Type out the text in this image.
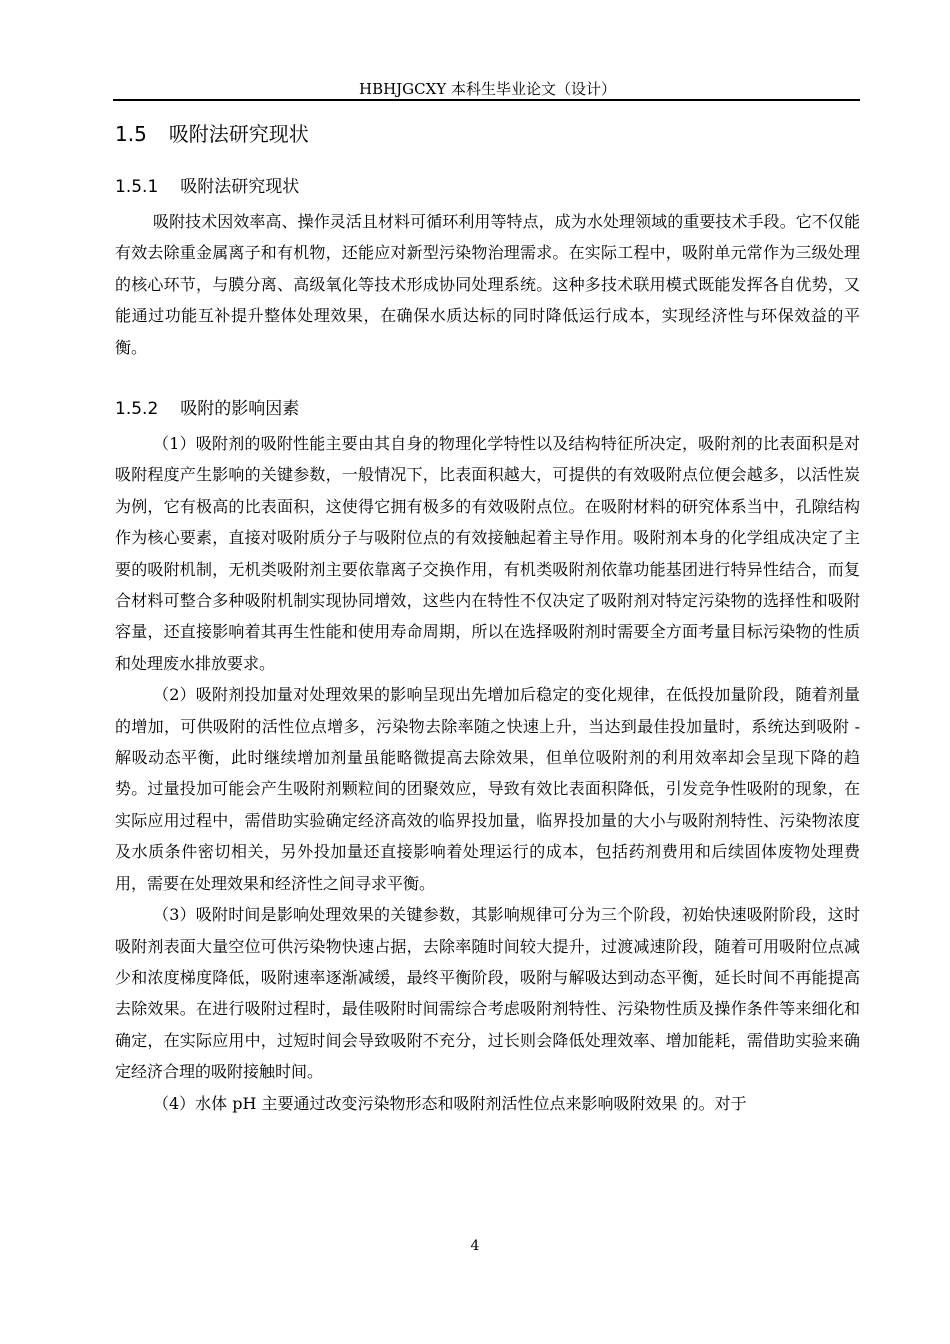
HBHJGCXY 本科生毕业论文（设计）
1.5 吸附法研究现状
1.5.1 吸附法研究现状

吸附技术因效率高、操作灵活且材料可循环利用等特点，成为水处理领域的重要技术手段。它不仅能有效去除重金属离子和有机物，还能应对新型污染物治理需求。在实际工程中，吸附单元常作为三级处理的核心环节，与膜分离、高级氧化等技术形成协同处理系统。这种多技术联用模式既能发挥各自优势，又能通过功能互补提升整体处理效果，在确保水质达标的同时降低运行成本，实现经济性与环保效益的平衡。

1.5.2 吸附的影响因素

（1）吸附剂的吸附性能主要由其自身的物理化学特性以及结构特征所决定，吸附剂的比表面积是对吸附程度产生影响的关键参数，一般情况下，比表面积越大，可提供的有效吸附点位便会越多，以活性炭为例，它有极高的比表面积，这使得它拥有极多的有效吸附点位。在吸附材料的研究体系当中，孔隙结构作为核心要素，直接对吸附质分子与吸附位点的有效接触起着主导作用。吸附剂本身的化学组成决定了主要的吸附机制，无机类吸附剂主要依靠离子交换作用，有机类吸附剂依靠功能基团进行特异性结合，而复合材料可整合多种吸附机制实现协同增效，这些内在特性不仅决定了吸附剂对特定污染物的选择性和吸附容量，还直接影响着其再生性能和使用寿命周期，所以在选择吸附剂时需要全方面考量目标污染物的性质和处理废水排放要求。

（2）吸附剂投加量对处理效果的影响呈现出先增加后稳定的变化规律，在低投加量阶段，随着剂量的增加，可供吸附的活性位点增多，污染物去除率随之快速上升，当达到最佳投加量时，系统达到吸附 - 解吸动态平衡，此时继续增加剂量虽能略微提高去除效果，但单位吸附剂的利用效率却会呈现下降的趋势。过量投加可能会产生吸附剂颗粒间的团聚效应，导致有效比表面积降低，引发竞争性吸附的现象，在实际应用过程中，需借助实验确定经济高效的临界投加量，临界投加量的大小与吸附剂特性、污染物浓度及水质条件密切相关，另外投加量还直接影响着处理运行的成本，包括药剂费用和后续固体废物处理费用，需要在处理效果和经济性之间寻求平衡。

（3）吸附时间是影响处理效果的关键参数，其影响规律可分为三个阶段，初始快速吸附阶段，这时吸附剂表面大量空位可供污染物快速占据，去除率随时间较大提升，过渡减速阶段，随着可用吸附位点减少和浓度梯度降低，吸附速率逐渐减缓，最终平衡阶段，吸附与解吸达到动态平衡，延长时间不再能提高去除效果。在进行吸附过程时，最佳吸附时间需综合考虑吸附剂特性、污染物性质及操作条件等来细化和确定，在实际应用中，过短时间会导致吸附不充分，过长则会降低处理效率、增加能耗，需借助实验来确定经济合理的吸附接触时间。

（4）水体 pH 主要通过改变污染物形态和吸附剂活性位点来影响吸附效果 的。对于

4
